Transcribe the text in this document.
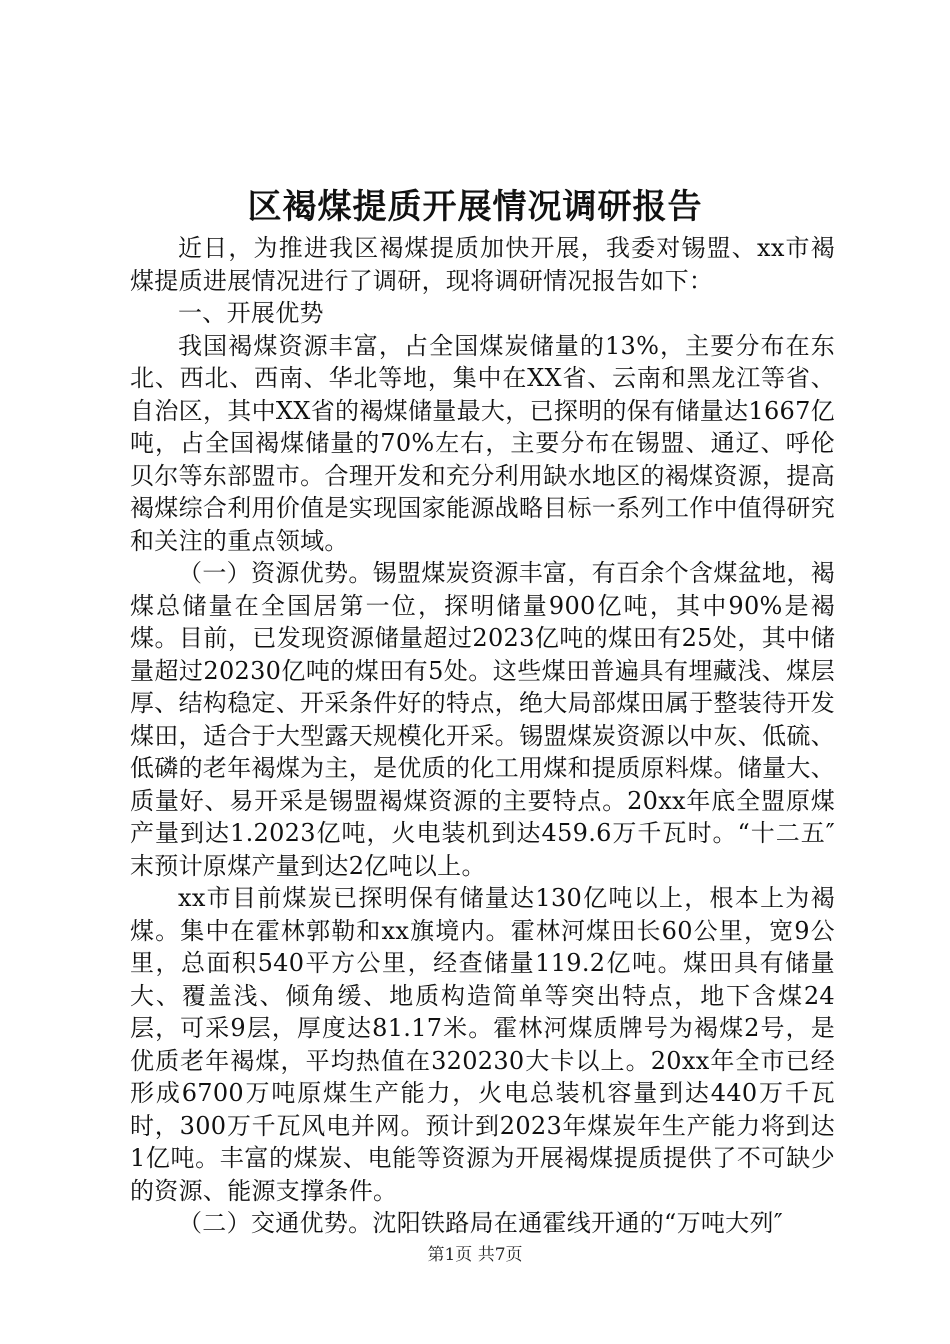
区褐煤提质开展情况调研报告

近日，为推进我区褐煤提质加快开展，我委对锡盟、xx市褐煤提质进展情况进行了调研，现将调研情况报告如下：

一、开展优势

我国褐煤资源丰富，占全国煤炭储量的13%，主要分布在东北、西北、西南、华北等地，集中在XX省、云南和黑龙江等省、自治区，其中XX省的褐煤储量最大，已探明的保有储量达1667亿吨，占全国褐煤储量的70%左右，主要分布在锡盟、通辽、呼伦贝尔等东部盟市。合理开发和充分利用缺水地区的褐煤资源，提高褐煤综合利用价值是实现国家能源战略目标一系列工作中值得研究和关注的重点领域。

（一）资源优势。锡盟煤炭资源丰富，有百余个含煤盆地，褐煤总储量在全国居第一位，探明储量900亿吨，其中90%是褐煤。目前，已发现资源储量超过2023亿吨的煤田有25处，其中储量超过20230亿吨的煤田有5处。这些煤田普遍具有埋藏浅、煤层厚、结构稳定、开采条件好的特点，绝大局部煤田属于整装待开发煤田，适合于大型露天规模化开采。锡盟煤炭资源以中灰、低硫、低磷的老年褐煤为主，是优质的化工用煤和提质原料煤。储量大、质量好、易开采是锡盟褐煤资源的主要特点。20xx年底全盟原煤产量到达1.2023亿吨，火电装机到达459.6万千瓦时。“十二五″末预计原煤产量到达2亿吨以上。

xx市目前煤炭已探明保有储量达130亿吨以上，根本上为褐煤。集中在霍林郭勒和xx旗境内。霍林河煤田长60公里，宽9公里，总面积540平方公里，经查储量119.2亿吨。煤田具有储量大、覆盖浅、倾角缓、地质构造简单等突出特点，地下含煤24层，可采9层，厚度达81.17米。霍林河煤质牌号为褐煤2号，是优质老年褐煤，平均热值在320230大卡以上。20xx年全市已经形成6700万吨原煤生产能力，火电总装机容量到达440万千瓦时，300万千瓦风电并网。预计到2023年煤炭年生产能力将到达1亿吨。丰富的煤炭、电能等资源为开展褐煤提质提供了不可缺少的资源、能源支撑条件。

（二）交通优势。沈阳铁路局在通霍线开通的“万吨大列″

第1页 共7页
